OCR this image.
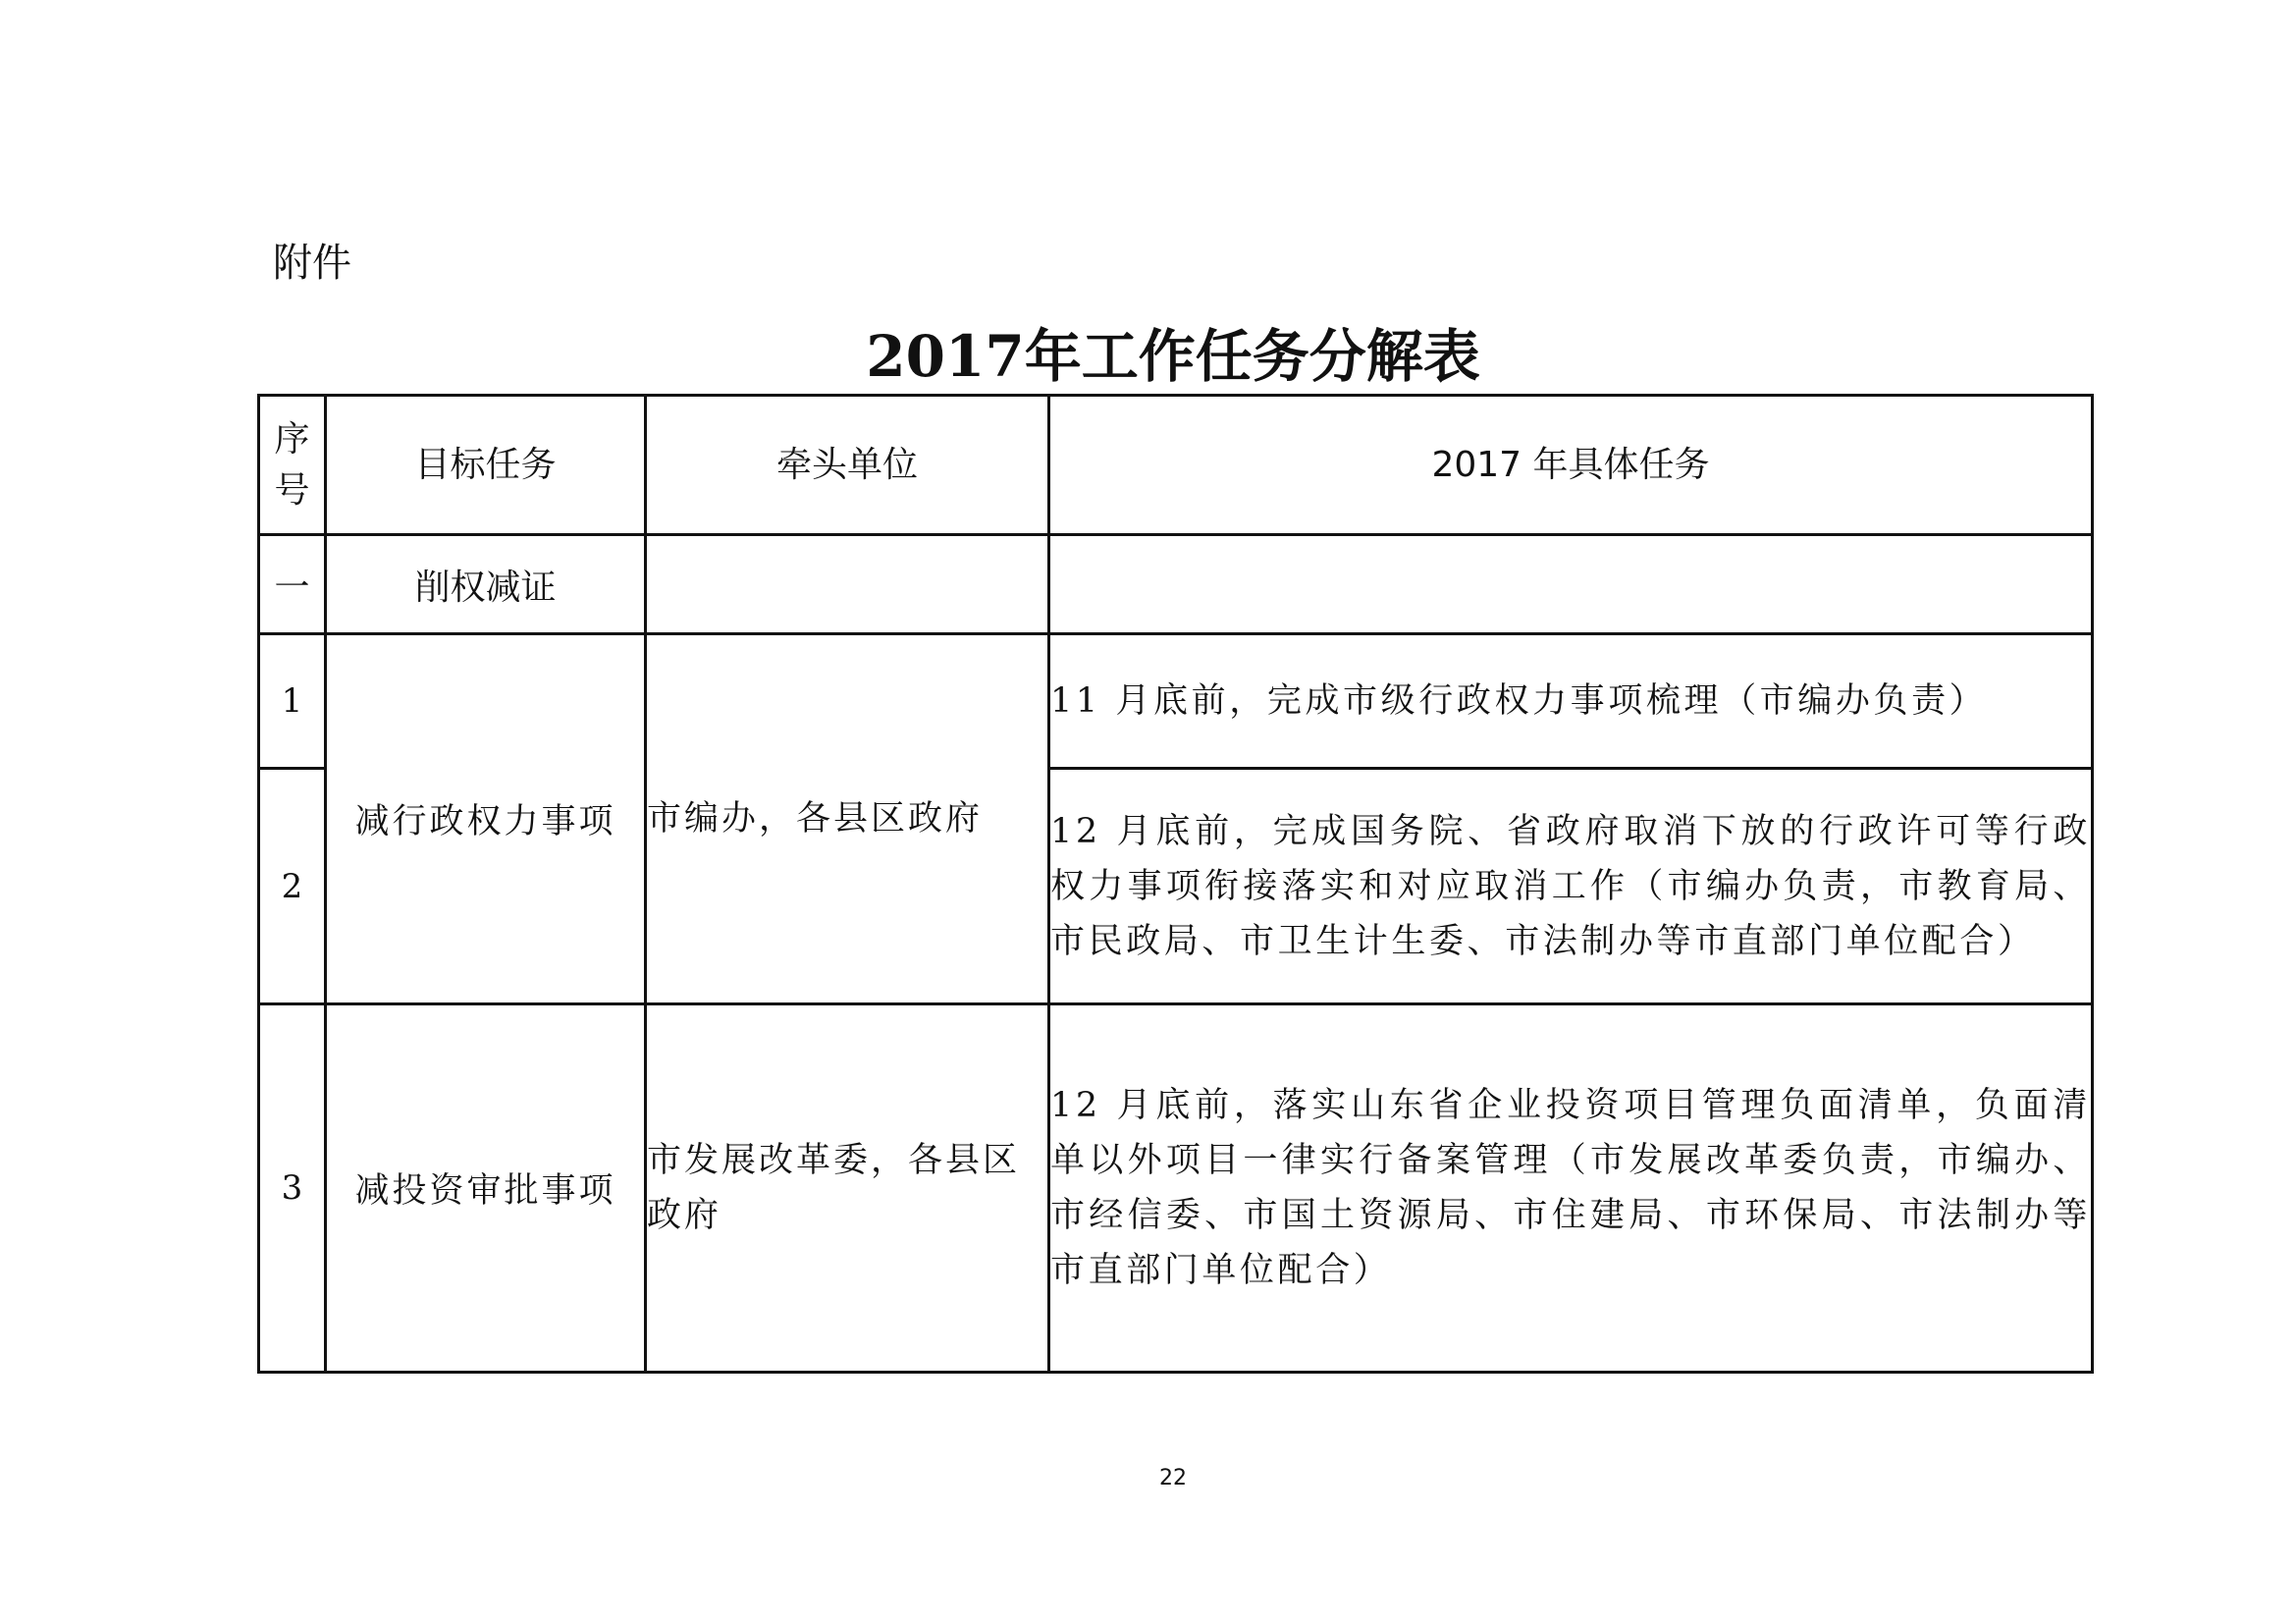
附件
2017年工作任务分解表
序号	目标任务	牵头单位	2017 年具体任务
一	削权减证		
1	减行政权力事项	市编办，各县区政府	11 月底前，完成市级行政权力事项梳理（市编办负责）
2			12 月底前，完成国务院、省政府取消下放的行政许可等行政权力事项衔接落实和对应取消工作（市编办负责，市教育局、市民政局、市卫生计生委、市法制办等市直部门单位配合）
3	减投资审批事项	市发展改革委，各县区政府	12 月底前，落实山东省企业投资项目管理负面清单，负面清单以外项目一律实行备案管理（市发展改革委负责，市编办、市经信委、市国土资源局、市住建局、市环保局、市法制办等市直部门单位配合）
22
